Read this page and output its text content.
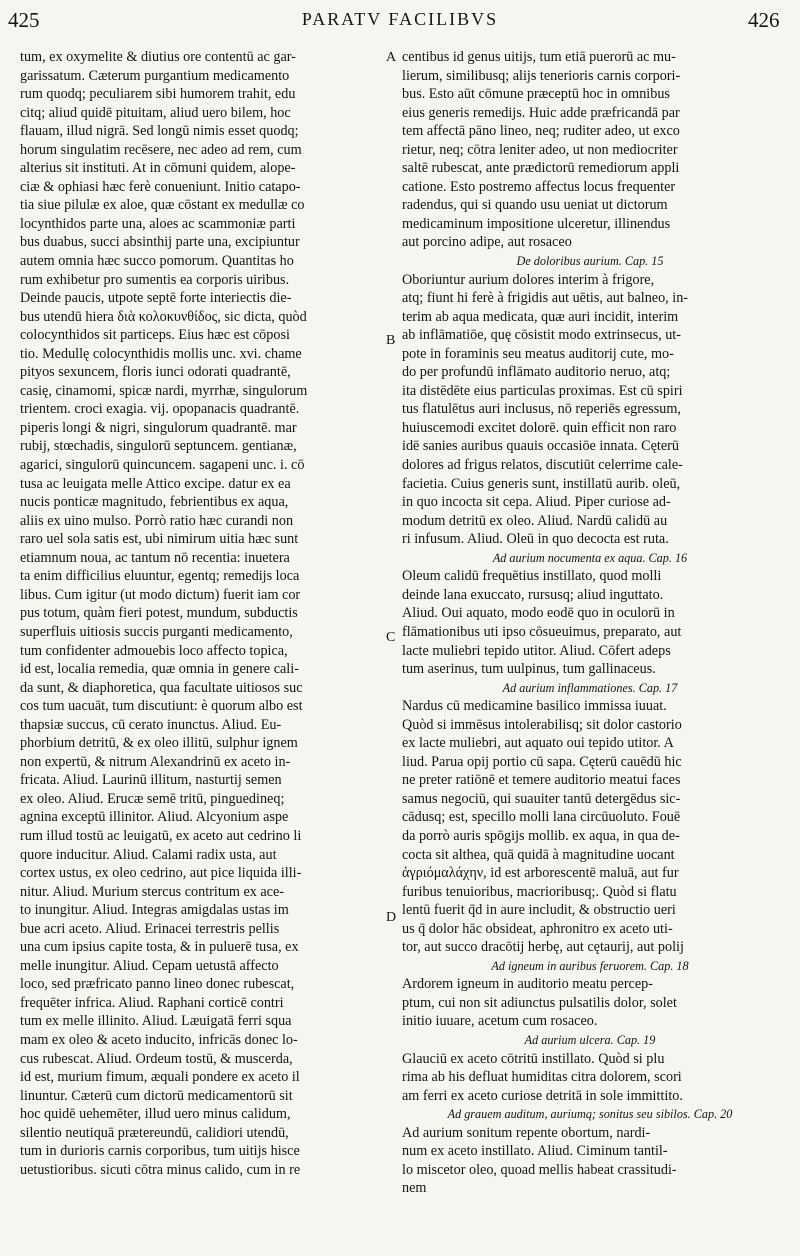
425	PARATV FACILIBVS	426
A
B
C
D
tum, ex oxymelite & diutius ore contentū ac gar-
garissatum. Cæterum purgantium medicamento
rum quodq; peculiarem sibi humorem trahit, edu
citq; aliud quidē pituitam, aliud uero bilem, hoc
flauam, illud nigrā. Sed longū nimis esset quodq;
horum singulatim recēsere, nec adeo ad rem, cum
alterius sit instituti. At in cōmuni quidem, alope-
ciæ & ophiasi hæc ferè conueniunt. Initio catapo-
tia siue pilulæ ex aloe, quæ cōstant ex medullæ co
locynthidos parte una, aloes ac scammoniæ parti
bus duabus, succi absinthij parte una, excipiuntur
autem omnia hæc succo pomorum. Quantitas ho
rum exhibetur pro sumentis ea corporis uiribus.
Deinde paucis, utpote septē forte interiectis die-
bus utendū hiera διὰ κολοκυνθίδος, sic dicta, quòd
colocynthidos sit particeps. Eius hæc est cōposi
tio. Medullę colocynthidis mollis unc. xvi. chame
pityos sexuncem, floris iunci odorati quadrantē,
casię, cinamomi, spicæ nardi, myrrhæ, singulorum
trientem. croci exagia. vij. opopanacis quadrantē.
piperis longi & nigri, singulorum quadrantē. mar
rubij, stœchadis, singulorū septuncem. gentianæ,
agarici, singulorū quincuncem. sagapeni unc. i. cō
tusa ac leuigata melle Attico excipe. datur ex ea
nucis ponticæ magnitudo, febrientibus ex aqua,
aliis ex uino mulso. Porrò ratio hæc curandi non
raro uel sola satis est, ubi nimirum uitia hæc sunt
etiamnum noua, ac tantum nō recentia: inuetera
ta enim difficilius eluuntur, egentq; remedijs loca
libus. Cum igitur (ut modo dictum) fuerit iam cor
pus totum, quàm fieri potest, mundum, subductis
superfluis uitiosis succis purganti medicamento,
tum confidenter admouebis loco affecto topica,
id est, localia remedia, quæ omnia in genere cali-
da sunt, & diaphoretica, qua facultate uitiosos suc
cos tum uacuāt, tum discutiunt: è quorum albo est
thapsiæ succus, cū cerato inunctus. Aliud. Eu-
phorbium detritū, & ex oleo illitū, sulphur ignem
non expertū, & nitrum Alexandrinū ex aceto in-
fricata. Aliud. Laurinū illitum, nasturtij semen
ex oleo. Aliud. Erucæ semē tritū, pinguedineq;
agnina exceptū illinitor. Aliud. Alcyonium aspe
rum illud tostū ac leuigatū, ex aceto aut cedrino li
quore inducitur. Aliud. Calami radix usta, aut
cortex ustus, ex oleo cedrino, aut pice liquida illi-
nitur. Aliud. Murium stercus contritum ex ace-
to inungitur. Aliud. Integras amigdalas ustas im
bue acri aceto. Aliud. Erinacei terrestris pellis
una cum ipsius capite tosta, & in puluerē tusa, ex
melle inungitur. Aliud. Cepam uetustā affecto
loco, sed præfricato panno lineo donec rubescat,
frequēter infrica. Aliud. Raphani corticē contri
tum ex melle illinito. Aliud. Læuigatā ferri squa
mam ex oleo & aceto inducito, infricās donec lo-
cus rubescat. Aliud. Ordeum tostū, & muscerda,
id est, murium fimum, æquali pondere ex aceto il
linuntur. Cæterū cum dictorū medicamentorū sit
hoc quidē uehemēter, illud uero minus calidum,
silentio neutiquā prætereundū, calidiori utendū,
tum in durioris carnis corporibus, tum uitijs hisce
uetustioribus. sicuti cōtra minus calido, cum in re
centibus id genus uitijs, tum etiā puerorū ac mu-
lierum, similibusq; alijs tenerioris carnis corpori-
bus. Esto aūt cōmune præceptū hoc in omnibus
eius generis remedijs. Huic adde præfricandā par
tem affectā pāno lineo, neq; ruditer adeo, ut exco
rietur, neq; cōtra leniter adeo, ut non mediocriter
saltē rubescat, ante prædictorū remediorum appli
catione. Esto postremo affectus locus frequenter
radendus, qui si quando usu ueniat ut dictorum
medicaminum impositione ulceretur, illinendus
aut porcino adipe, aut rosaceo
De doloribus aurium. Cap. 15
Oboriuntur aurium dolores interim à frigore,
atq; fiunt hi ferè à frigidis aut uētis, aut balneo, in-
terim ab aqua medicata, quæ auri incidit, interim
ab inflāmatiōe, quę cōsistit modo extrinsecus, ut-
pote in foraminis seu meatus auditorij cute, mo-
do per profundū inflāmato auditorio neruo, atq;
ita distēdēte eius particulas proximas. Est cū spiri
tus flatulētus auri inclusus, nō reperiēs egressum,
huiuscemodi excitet dolorē. quin efficit non raro
idē sanies auribus quauis occasiōe innata. Cęterū
dolores ad frigus relatos, discutiūt celerrime cale-
facietia. Cuius generis sunt, instillatū aurib. oleū,
in quo incocta sit cepa. Aliud. Piper curiose ad-
modum detritū ex oleo. Aliud. Nardū calidū au
ri infusum. Aliud. Oleū in quo decocta est ruta.
Ad aurium nocumenta ex aqua. Cap. 16
Oleum calidū frequētius instillato, quod molli
deinde lana exuccato, rursusq; aliud inguttato.
Aliud. Oui aquato, modo eodē quo in oculorū in
flāmationibus uti ipso cōsueuimus, preparato, aut
lacte muliebri tepido utitor. Aliud. Cōfert adeps
tum aserinus, tum uulpinus, tum gallinaceus.
Ad aurium inflammationes. Cap. 17
Nardus cū medicamine basilico immissa iuuat.
Quòd si immēsus intolerabilisq; sit dolor castorio
ex lacte muliebri, aut aquato oui tepido utitor. A
liud. Parua opij portio cū sapa. Cęterū cauēdū hic
ne preter ratiōnē et temere auditorio meatui faces
samus negociū, qui suauiter tantū detergēdus sic-
cādusq; est, specillo molli lana circūuoluto. Fouē
da porrò auris spōgijs mollib. ex aqua, in qua de-
cocta sit althea, quā quidā à magnitudine uocant
ἀγριόμαλάχην, id est arborescentē maluā, aut fur
furibus tenuioribus, macrioribusq;. Quòd si flatu
lentū fuerit q̄d in aure includit, & obstructio ueri
us q̄ dolor hāc obsideat, aphronitro ex aceto uti-
tor, aut succo dracōtij herbę, aut cętaurij, aut polij
Ad igneum in auribus feruorem. Cap. 18
Ardorem igneum in auditorio meatu percep-
ptum, cui non sit adiunctus pulsatilis dolor, solet
initio iuuare, acetum cum rosaceo.
Ad aurium ulcera. Cap. 19
Glauciū ex aceto cōtritū instillato. Quòd si plu
rima ab his defluat humiditas citra dolorem, scori
am ferri ex aceto curiose detritā in sole immittito.
Ad grauem auditum, auriumq; sonitus seu sibilos. Cap. 20
Ad aurium sonitum repente obortum, nardi-
num ex aceto instillato. Aliud. Ciminum tantil-
lo miscetor oleo, quoad mellis habeat crassitudi-
nem
